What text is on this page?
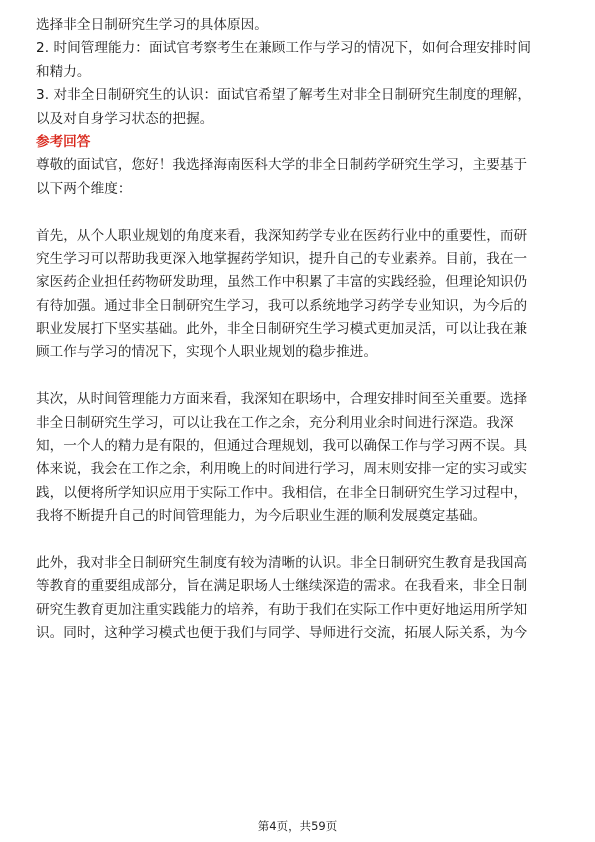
选择非全日制研究生学习的具体原因。
2. 时间管理能力：面试官考察考生在兼顾工作与学习的情况下，如何合理安排时间
和精力。
3. 对非全日制研究生的认识：面试官希望了解考生对非全日制研究生制度的理解，
以及对自身学习状态的把握。
参考回答
尊敬的面试官，您好！我选择海南医科大学的非全日制药学研究生学习，主要基于
以下两个维度：
首先，从个人职业规划的角度来看，我深知药学专业在医药行业中的重要性，而研
究生学习可以帮助我更深入地掌握药学知识，提升自己的专业素养。目前，我在一
家医药企业担任药物研发助理，虽然工作中积累了丰富的实践经验，但理论知识仍
有待加强。通过非全日制研究生学习，我可以系统地学习药学专业知识，为今后的
职业发展打下坚实基础。此外，非全日制研究生学习模式更加灵活，可以让我在兼
顾工作与学习的情况下，实现个人职业规划的稳步推进。
其次，从时间管理能力方面来看，我深知在职场中，合理安排时间至关重要。选择
非全日制研究生学习，可以让我在工作之余，充分利用业余时间进行深造。我深
知，一个人的精力是有限的，但通过合理规划，我可以确保工作与学习两不误。具
体来说，我会在工作之余，利用晚上的时间进行学习，周末则安排一定的实习或实
践，以便将所学知识应用于实际工作中。我相信，在非全日制研究生学习过程中，
我将不断提升自己的时间管理能力，为今后职业生涯的顺利发展奠定基础。
此外，我对非全日制研究生制度有较为清晰的认识。非全日制研究生教育是我国高
等教育的重要组成部分，旨在满足职场人士继续深造的需求。在我看来，非全日制
研究生教育更加注重实践能力的培养，有助于我们在实际工作中更好地运用所学知
识。同时，这种学习模式也便于我们与同学、导师进行交流，拓展人际关系，为今
第4页，共59页
